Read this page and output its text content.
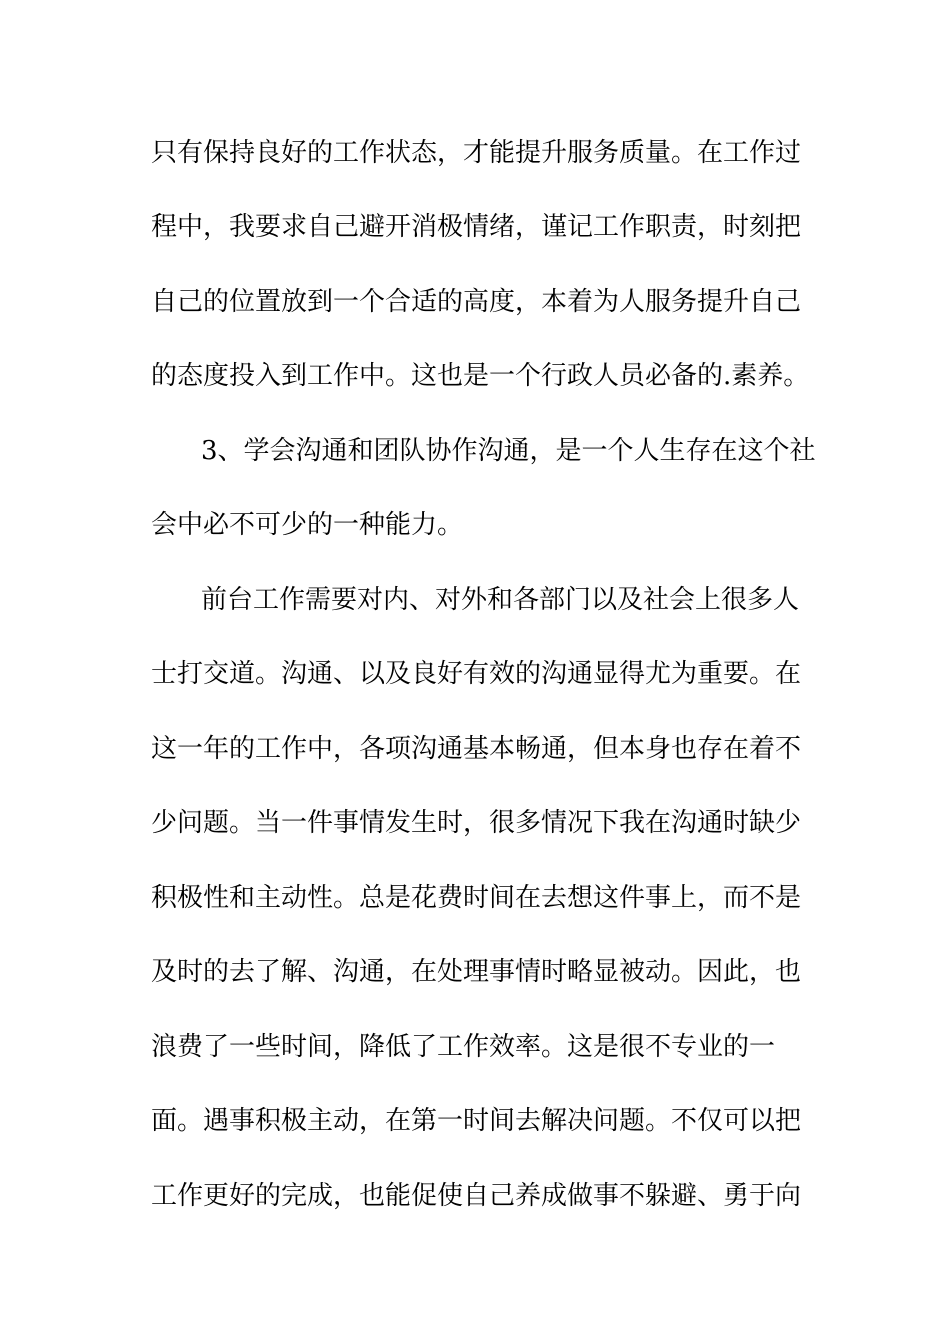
只有保持良好的工作状态，才能提升服务质量。在工作过

程中，我要求自己避开消极情绪，谨记工作职责，时刻把

自己的位置放到一个合适的高度，本着为人服务提升自己

的态度投入到工作中。这也是一个行政人员必备的.素养。

3、学会沟通和团队协作沟通，是一个人生存在这个社

会中必不可少的一种能力。

前台工作需要对内、对外和各部门以及社会上很多人

士打交道。沟通、以及良好有效的沟通显得尤为重要。在

这一年的工作中，各项沟通基本畅通，但本身也存在着不

少问题。当一件事情发生时，很多情况下我在沟通时缺少

积极性和主动性。总是花费时间在去想这件事上，而不是

及时的去了解、沟通，在处理事情时略显被动。因此，也

浪费了一些时间，降低了工作效率。这是很不专业的一

面。遇事积极主动，在第一时间去解决问题。不仅可以把

工作更好的完成，也能促使自己养成做事不躲避、勇于向
